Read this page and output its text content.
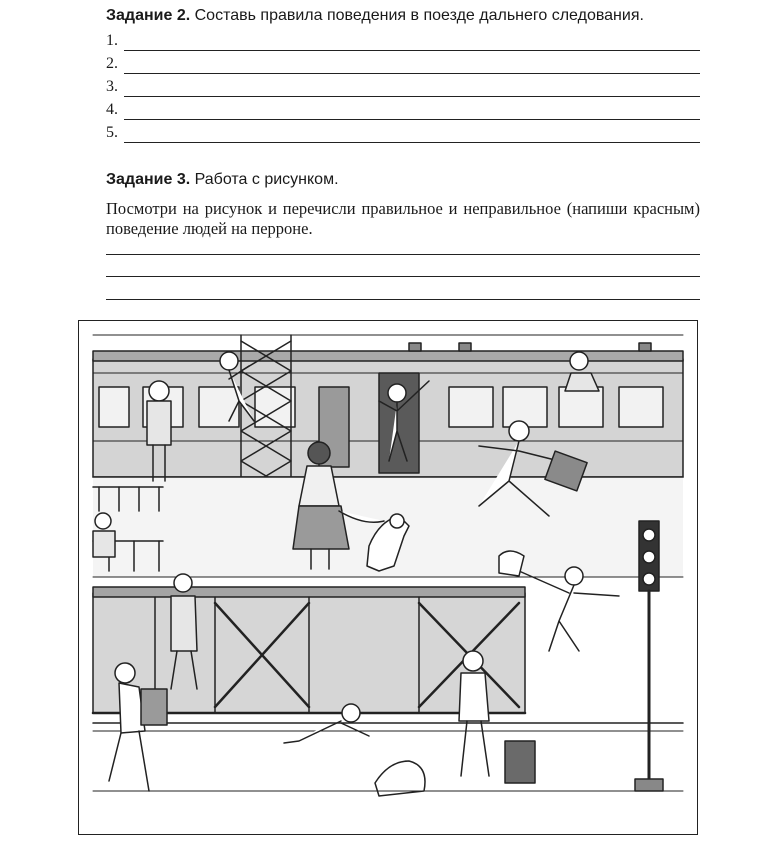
Задание 2. Составь правила поведения в поезде дальнего следования.
1.
2.
3.
4.
5.
Задание 3. Работа с рисунком.
Посмотри на рисунок и перечисли правильное и неправильное (напиши красным) поведение людей на перроне.
